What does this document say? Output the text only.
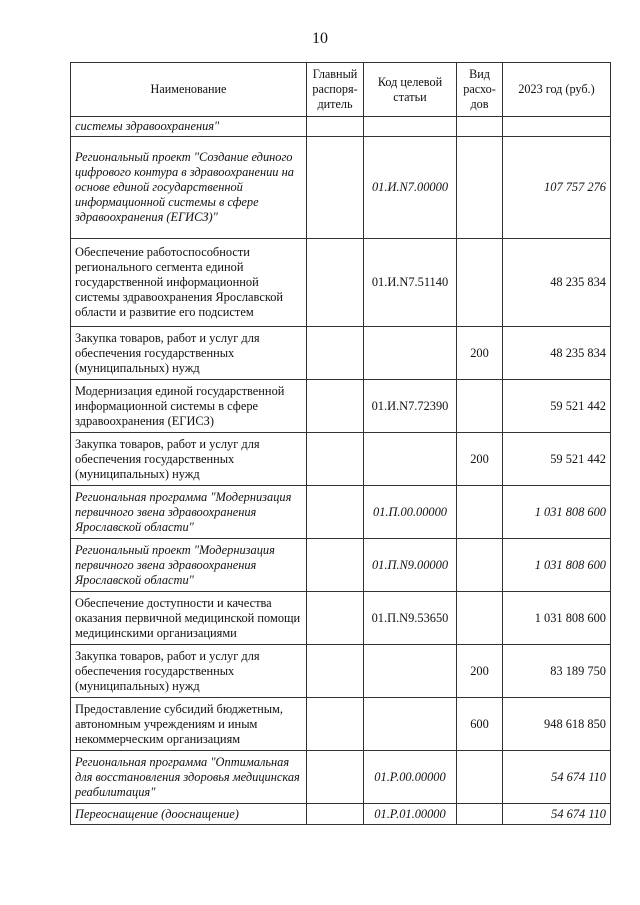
10
Наименование	Главный распоря-дитель	Код целевой статьи	Вид расхо-дов	2023 год (руб.)
системы здравоохранения"				
Региональный проект "Создание единого цифрового контура в здравоохранении на основе единой государственной информационной системы в сфере здравоохранения (ЕГИСЗ)"		01.И.N7.00000		107 757 276
Обеспечение работоспособности регионального сегмента единой государственной информационной системы здравоохранения Ярославской области и развитие его подсистем		01.И.N7.51140		48 235 834
Закупка товаров, работ и услуг для обеспечения государственных (муниципальных) нужд			200	48 235 834
Модернизация единой государственной информационной системы в сфере здравоохранения (ЕГИСЗ)		01.И.N7.72390		59 521 442
Закупка товаров, работ и услуг для обеспечения государственных (муниципальных) нужд			200	59 521 442
Региональная программа "Модернизация первичного звена здравоохранения Ярославской области"		01.П.00.00000		1 031 808 600
Региональный проект "Модернизация первичного звена здравоохранения Ярославской области"		01.П.N9.00000		1 031 808 600
Обеспечение доступности и качества оказания первичной медицинской помощи медицинскими организациями		01.П.N9.53650		1 031 808 600
Закупка товаров, работ и услуг для обеспечения государственных (муниципальных) нужд			200	83 189 750
Предоставление субсидий бюджетным, автономным учреждениям и иным некоммерческим организациям			600	948 618 850
Региональная программа "Оптимальная для восстановления здоровья медицинская реабилитация"		01.Р.00.00000		54 674 110
Переоснащение (дооснащение)		01.Р.01.00000		54 674 110
